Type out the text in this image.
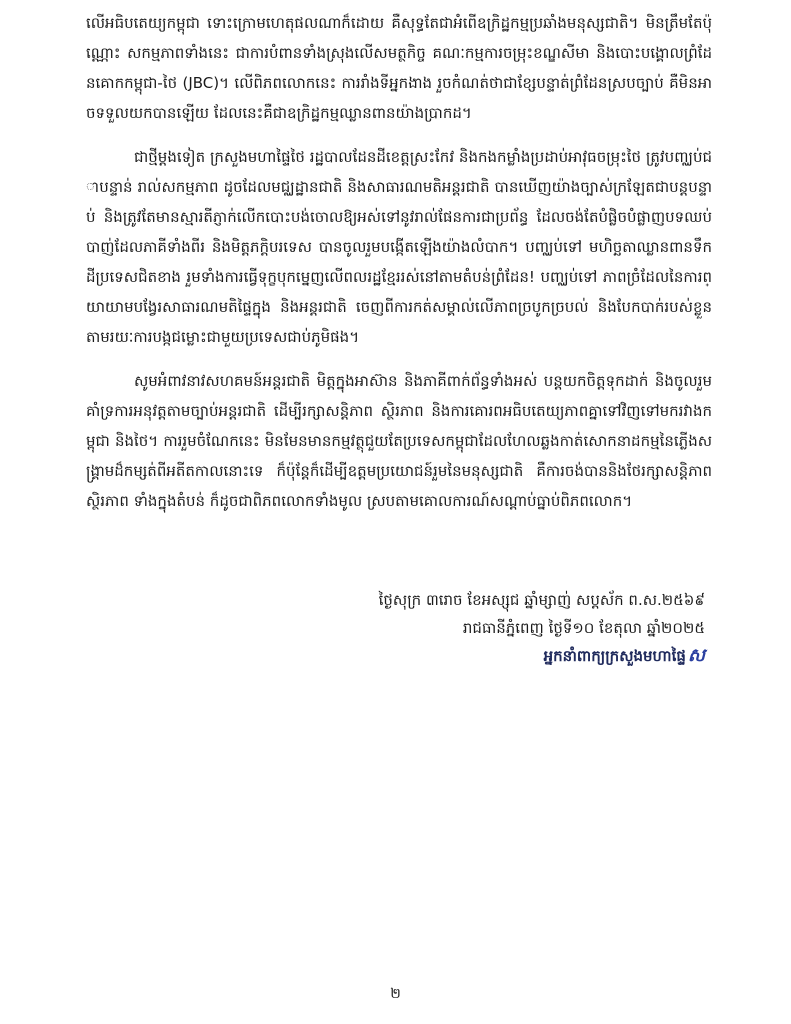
លើអធិបតេយ្យកម្ពុជា ទោះក្រោមហេតុផលណាក៏ដោយ គឺសុទ្ធតែជាអំពើឧក្រិដ្ឋកម្មប្រឆាំងមនុស្សជាតិ។ មិនត្រឹមតែប៉ុណ្ណោះ សកម្មភាពទាំងនេះ ជាការបំពានទាំងស្រុងលើសមត្ថកិច្ច គណៈកម្មការចម្រុះខណ្ឌសីមា និងបោះបង្គោលព្រំដែនគោកកម្ពុជា-ថៃ (JBC)។ លើពិភពលោកនេះ ការរាំងទីអ្នកងាង រួចកំណត់ថាជាខ្សែបន្ទាត់ព្រំដែនស្របច្បាប់ គឺមិនអាចទទួលយកបានឡើយ ដែលនេះគឺជាឧក្រិដ្ឋកម្មឈ្លានពានយ៉ាងប្រាកដ។

ជាថ្មីម្តងទៀត ក្រសួងមហាផ្ទៃថៃ រដ្ឋបាលដែនដីខេត្តស្រះកែវ និងកងកម្លាំងប្រដាប់អាវុធចម្រុះថៃ ត្រូវបញ្ឈប់ជាបន្ទាន់ រាល់សកម្មភាព ដូចដែលមជ្ឈដ្ឋានជាតិ និងសាធារណមតិអន្តរជាតិ បានឃើញយ៉ាងច្បាស់ក្រឡែតជាបន្តបន្ទាប់ និងត្រូវតែមានស្មារតីភ្ញាក់លើកបោះបង់ចោលឱ្យអស់ទៅនូវរាល់ផែនការជាប្រព័ន្ធ ដែលចង់តែបំផ្លិចបំផ្លាញបទឈប់បាញ់ដែលភាគីទាំងពីរ និងមិត្តភក្តិបរទេស បានចូលរួមបង្កើតឡើងយ៉ាងលំបាក។ បញ្ឈប់ទៅ មហិច្ឆតាឈ្លានពានទឹកដីប្រទេសជិតខាង រួមទាំងការធ្វើទុក្ខបុកម្នេញលើពលរដ្ឋខ្មែររស់នៅតាមតំបន់ព្រំដែន! បញ្ឈប់ទៅ ភាពច្រំដែលនៃការព្យាយាមបង្វែរសាធារណមតិផ្ទៃក្នុង និងអន្តរជាតិ ចេញពីការកត់សម្គាល់លើភាពច្របូកច្របល់ និងបែកបាក់របស់ខ្លួន តាមរយៈការបង្កជម្លោះជាមួយប្រទេសជាប់ភូមិផង។

សូមអំពាវនាវសហគមន៍អន្តរជាតិ មិត្តក្នុងអាស៊ាន និងភាគីពាក់ព័ន្ធទាំងអស់ បន្តយកចិត្តទុកដាក់ និងចូលរួមគាំទ្រការអនុវត្តតាមច្បាប់អន្តរជាតិ ដើម្បីរក្សាសន្តិភាព ស្ថិរភាព និងការគោរពអធិបតេយ្យភាពគ្នាទៅវិញទៅមករវាងកម្ពុជា និងថៃ។ ការរួមចំណែកនេះ មិនមែនមានកម្មវត្ថុជួយតែប្រទេសកម្ពុជាដែលហែលឆ្លងកាត់សោកនាដកម្មនៃភ្លើងសង្គ្រាមដ៏កម្សត់ពីអតីតកាលនោះទេ ក៏ប៉ុន្តែក៏ដើម្បីឧត្តមប្រយោជន៍រួមនៃមនុស្សជាតិ គឺការចង់បាននិងថែរក្សាសន្តិភាព ស្ថិរភាព ទាំងក្នុងតំបន់ ក៏ដូចជាពិភពលោកទាំងមូល ស្របតាមគោលការណ៍សណ្តាប់ធ្នាប់ពិភពលោក។

ថ្ងៃសុក្រ ៣រោច ខែអស្សុជ ឆ្នាំម្សាញ់ សប្តស័ក ព.ស.២៥៦៩
រាជធានីភ្នំពេញ ថ្ងៃទី១០ ខែតុលា ឆ្នាំ២០២៥
អ្នកនាំពាក្យក្រសួងមហាផ្ទៃ ស
២
